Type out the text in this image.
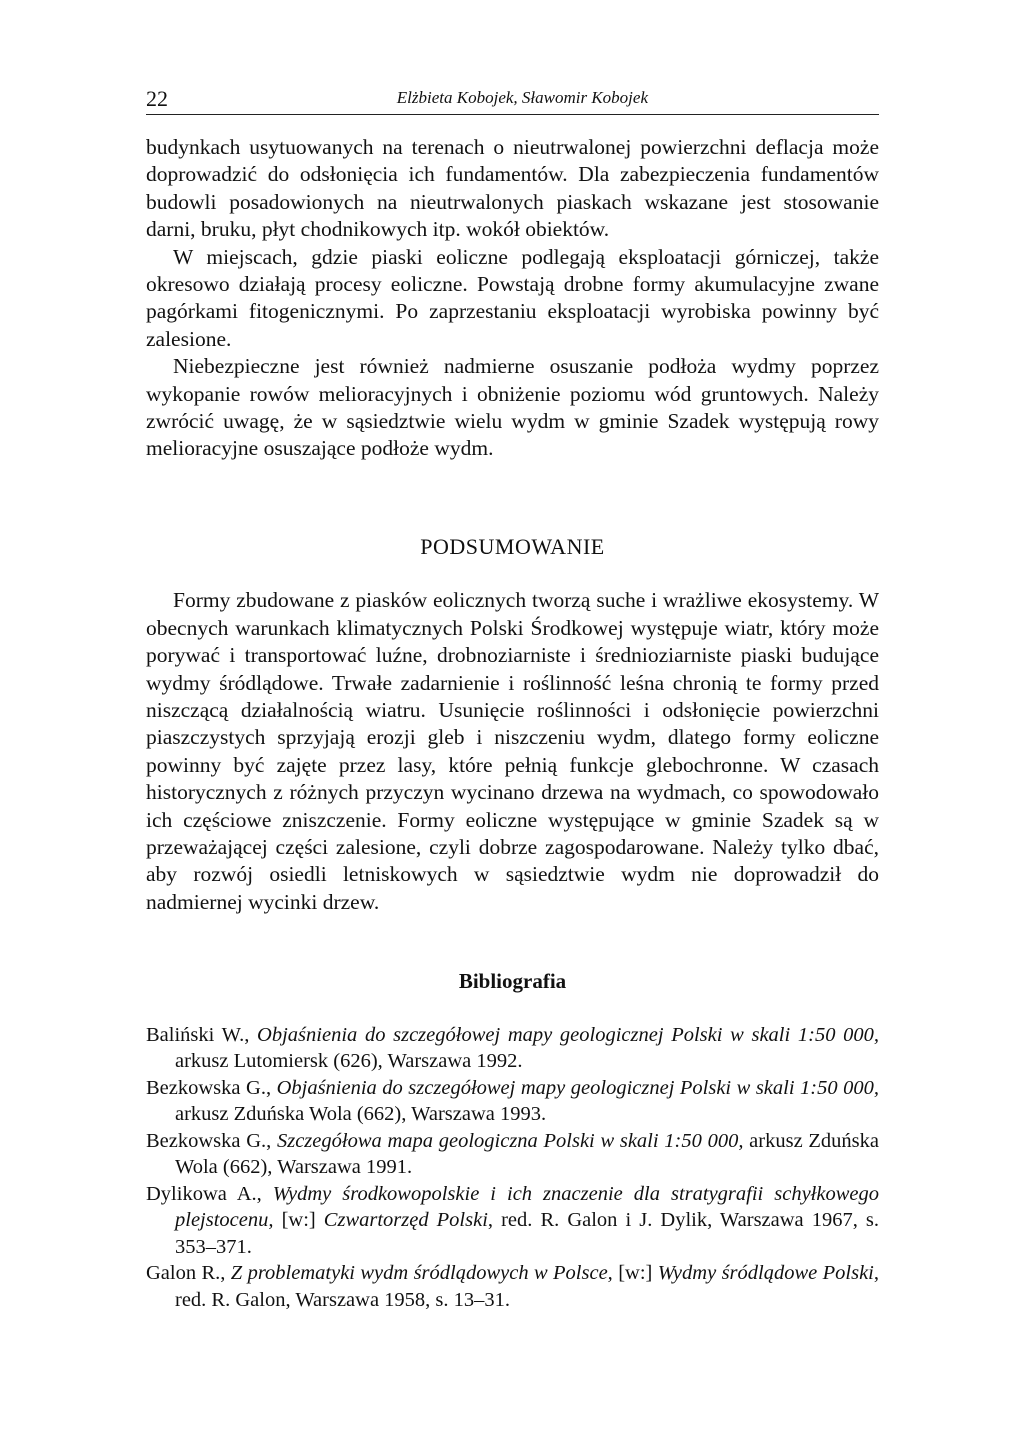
22	Elżbieta Kobojek, Sławomir Kobojek

budynkach usytuowanych na terenach o nieutrwalonej powierzchni deflacja może doprowadzić do odsłonięcia ich fundamentów. Dla zabezpieczenia fundamentów budowli posadowionych na nieutrwalonych piaskach wskazane jest stosowanie darni, bruku, płyt chodnikowych itp. wokół obiektów.

W miejscach, gdzie piaski eoliczne podlegają eksploatacji górniczej, także okresowo działają procesy eoliczne. Powstają drobne formy akumulacyjne zwane pagórkami fitogenicznymi. Po zaprzestaniu eksploatacji wyrobiska powinny być zalesione.

Niebezpieczne jest również nadmierne osuszanie podłoża wydmy poprzez wykopanie rowów melioracyjnych i obniżenie poziomu wód gruntowych. Należy zwrócić uwagę, że w sąsiedztwie wielu wydm w gminie Szadek występują rowy melioracyjne osuszające podłoże wydm.

PODSUMOWANIE

Formy zbudowane z piasków eolicznych tworzą suche i wrażliwe ekosystemy. W obecnych warunkach klimatycznych Polski Środkowej występuje wiatr, który może porywać i transportować luźne, drobnoziarniste i średnioziarniste piaski budujące wydmy śródlądowe. Trwałe zadarnienie i roślinność leśna chronią te formy przed niszczącą działalnością wiatru. Usunięcie roślinności i odsłonięcie powierzchni piaszczystych sprzyjają erozji gleb i niszczeniu wydm, dlatego formy eoliczne powinny być zajęte przez lasy, które pełnią funkcje glebochronne. W czasach historycznych z różnych przyczyn wycinano drzewa na wydmach, co spowodowało ich częściowe zniszczenie. Formy eoliczne występujące w gminie Szadek są w przeważającej części zalesione, czyli dobrze zagospodarowane. Należy tylko dbać, aby rozwój osiedli letniskowych w sąsiedztwie wydm nie doprowadził do nadmiernej wycinki drzew.

Bibliografia
Baliński W., Objaśnienia do szczegółowej mapy geologicznej Polski w skali 1:50 000, arkusz Lutomiersk (626), Warszawa 1992.
Bezkowska G., Objaśnienia do szczegółowej mapy geologicznej Polski w skali 1:50 000, arkusz Zduńska Wola (662), Warszawa 1993.
Bezkowska G., Szczegółowa mapa geologiczna Polski w skali 1:50 000, arkusz Zduńska Wola (662), Warszawa 1991.
Dylikowa A., Wydmy środkowopolskie i ich znaczenie dla stratygrafii schyłkowego plejstocenu, [w:] Czwartorzęd Polski, red. R. Galon i J. Dylik, Warszawa 1967, s. 353–371.
Galon R., Z problematyki wydm śródlądowych w Polsce, [w:] Wydmy śródlądowe Polski, red. R. Galon, Warszawa 1958, s. 13–31.
